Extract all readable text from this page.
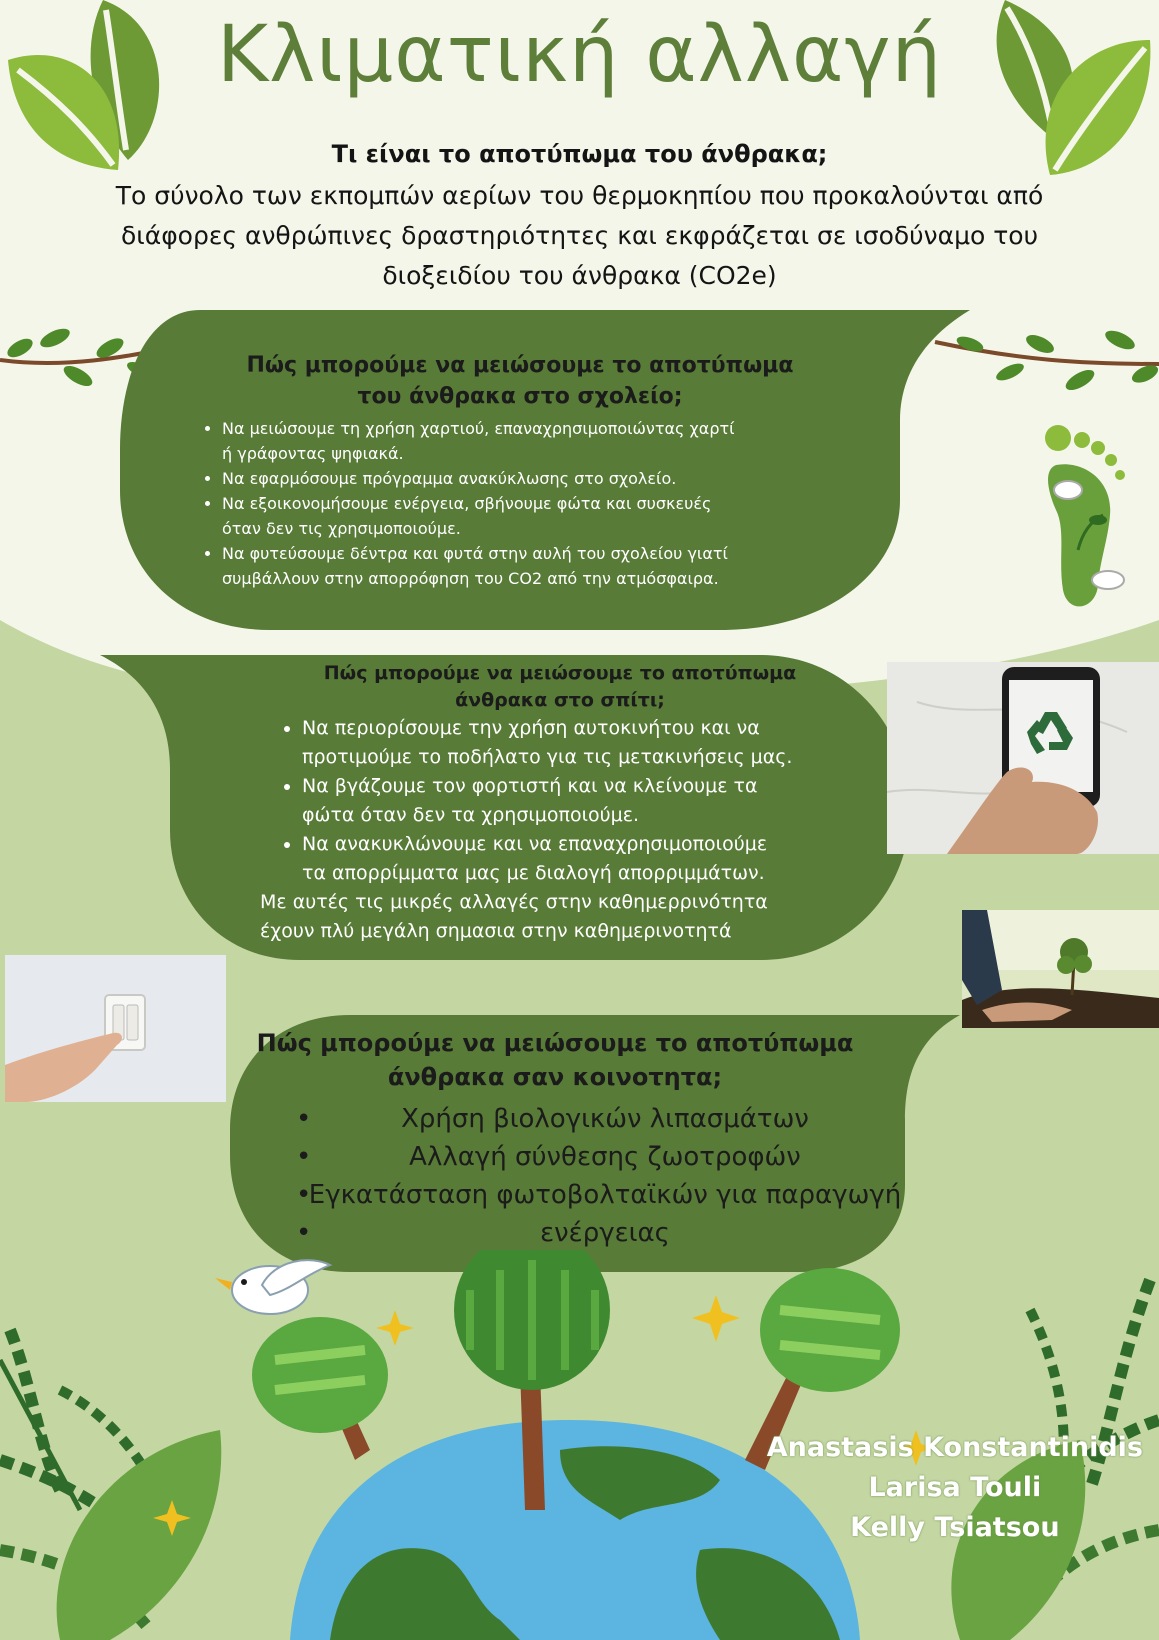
Κλιματική αλλαγή
Τι είναι το αποτύπωμα του άνθρακα;
Το σύνολο των εκπομπών αερίων του θερμοκηπίου που προκαλούνται από
διάφορες ανθρώπινες δραστηριότητες και εκφράζεται σε ισοδύναμο του
διοξειδίου του άνθρακα (CO2e)
Πώς μπορούμε να μειώσουμε το αποτύπωμα
του άνθρακα στο σχολείο;
• Να μειώσουμε τη χρήση χαρτιού, επαναχρησιμοποιώντας χαρτί
ή γράφοντας ψηφιακά.
• Να εφαρμόσουμε πρόγραμμα ανακύκλωσης στο σχολείο.
• Να εξοικονομήσουμε ενέργεια, σβήνουμε φώτα και συσκευές
όταν δεν τις χρησιμοποιούμε.
• Να φυτεύσουμε δέντρα και φυτά στην αυλή του σχολείου γιατί
συμβάλλουν στην απορρόφηση του CO2 από την ατμόσφαιρα.
Πώς μπορούμε να μειώσουμε το αποτύπωμα
άνθρακα στο σπίτι;
• Να περιορίσουμε την χρήση αυτοκινήτου και να
προτιμούμε το ποδήλατο για τις μετακινήσεις μας.
• Να βγάζουμε τον φορτιστή και να κλείνουμε τα
φώτα όταν δεν τα χρησιμοποιούμε.
• Να ανακυκλώνουμε και να επαναχρησιμοποιούμε
τα απορρίμματα μας με διαλογή απορριμμάτων.
Με αυτές τις μικρές αλλαγές στην καθημερρινότητα
έχουν πλύ μεγάλη σημασια στην καθημερινοτητά
Πώς μπορούμε να μειώσουμε το αποτύπωμα
άνθρακα σαν κοινοτητα;
•	Χρήση βιολογικών λιπασμάτων
•	Αλλαγή σύνθεσης ζωοτροφών
•
Εγκατάσταση φωτοβολταϊκών για παραγωγή
•	ενέργειας
Anastasis Konstantinidis
Larisa Touli
Kelly Tsiatsou
